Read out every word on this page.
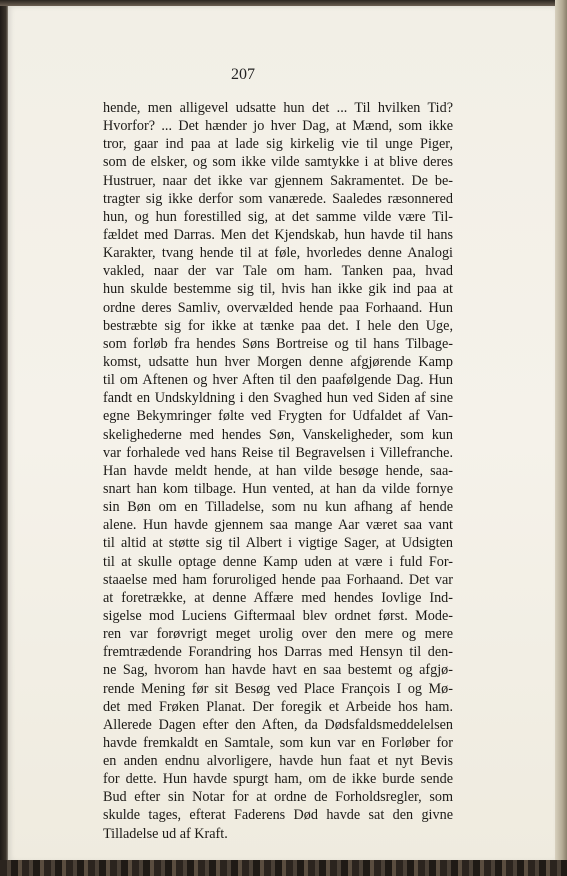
207
hende, men alligevel udsatte hun det ... Til hvilken Tid?
Hvorfor? ... Det hænder jo hver Dag, at Mænd, som ikke
tror, gaar ind paa at lade sig kirkelig vie til unge Piger,
som de elsker, og som ikke vilde samtykke i at blive deres
Hustruer, naar det ikke var gjennem Sakramentet. De be-
tragter sig ikke derfor som vanærede. Saaledes ræsonnered
hun, og hun forestilled sig, at det samme vilde være Til-
fældet med Darras. Men det Kjendskab, hun havde til hans
Karakter, tvang hende til at føle, hvorledes denne Analogi
vakled, naar der var Tale om ham. Tanken paa, hvad
hun skulde bestemme sig til, hvis han ikke gik ind paa at
ordne deres Samliv, overvælded hende paa Forhaand. Hun
bestræbte sig for ikke at tænke paa det. I hele den Uge,
som forløb fra hendes Søns Bortreise og til hans Tilbage-
komst, udsatte hun hver Morgen denne afgjørende Kamp
til om Aftenen og hver Aften til den paafølgende Dag. Hun
fandt en Undskyldning i den Svaghed hun ved Siden af sine
egne Bekymringer følte ved Frygten for Udfaldet af Van-
skelighederne med hendes Søn, Vanskeligheder, som kun
var forhalede ved hans Reise til Begravelsen i Villefranche.
Han havde meldt hende, at han vilde besøge hende, saa-
snart han kom tilbage. Hun vented, at han da vilde fornye
sin Bøn om en Tilladelse, som nu kun afhang af hende
alene. Hun havde gjennem saa mange Aar været saa vant
til altid at støtte sig til Albert i vigtige Sager, at Udsigten
til at skulle optage denne Kamp uden at være i fuld For-
staaelse med ham foruroliged hende paa Forhaand. Det var
at foretrække, at denne Affære med hendes Iovlige Ind-
sigelse mod Luciens Giftermaal blev ordnet først. Mode-
ren var forøvrigt meget urolig over den mere og mere
fremtrædende Forandring hos Darras med Hensyn til den-
ne Sag, hvorom han havde havt en saa bestemt og afgjø-
rende Mening før sit Besøg ved Place François I og Mø-
det med Frøken Planat. Der foregik et Arbeide hos ham.
Allerede Dagen efter den Aften, da Dødsfaldsmeddelelsen
havde fremkaldt en Samtale, som kun var en Forløber for
en anden endnu alvorligere, havde hun faat et nyt Bevis
for dette. Hun havde spurgt ham, om de ikke burde sende
Bud efter sin Notar for at ordne de Forholdsregler, som
skulde tages, efterat Faderens Død havde sat den givne
Tilladelse ud af Kraft.
